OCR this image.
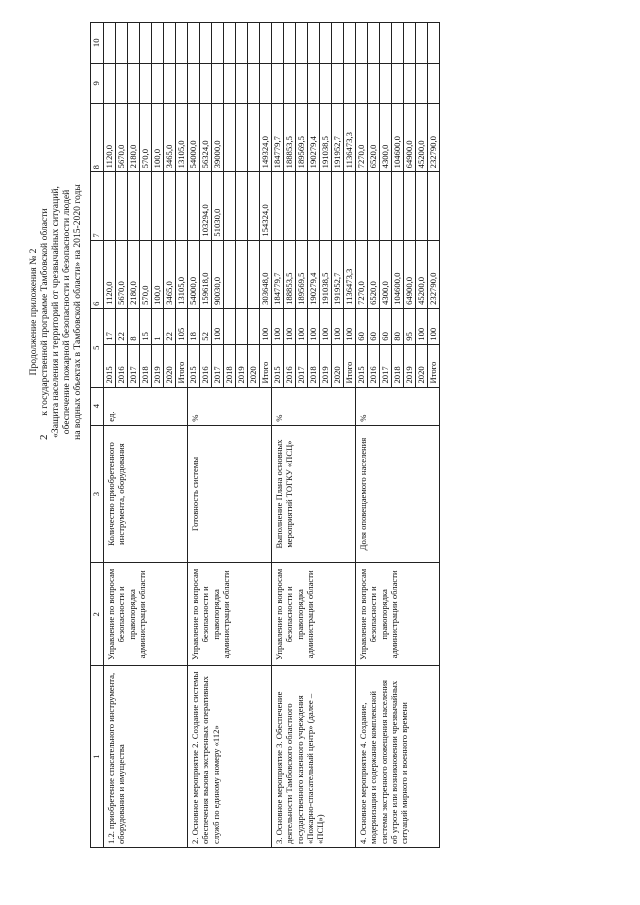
2
Продолжение приложения № 2 к государственной программе Тамбовской области «Защита населения и территорий от чрезвычайных ситуаций, обеспечение пожарной безопасности и безопасности людей на водных объектах в Тамбовской области» на 2015-2020 годы
1	2	3	4	5		6	7	8	9	10
1.2. приобретение спасательного инструмента, оборудования и имущества	Управление по вопросам безопасности и правопорядка администрации области	Количество приобретенного инструмента, оборудования	ед.	2015	17	1120,0		1120,0		
				2016	22	5670,0		5670,0		
				2017	8	2180,0		2180,0		
				2018	15	570,0		570,0		
				2019	1	100,0		100,0		
				2020	22	3465,0		3465,0		
				Итого	105	13105,0		13105,0		
2. Основное мероприятие 2. Создание системы обеспечения вызова экстренных оперативных служб по единому номеру «112»	Управление по вопросам безопасности и правопорядка администрации области	Готовность системы	%	2015	18	54000,0		54000,0		
				2016	52	159618,0	103294,0	56324,0		
				2017	100	90030,0	51030,0	39000,0		
				2018						
				2019						
				2020						
				Итого	100	303648,0	154324,0	149324,0		
3. Основное мероприятие 3. Обеспечение деятельности Тамбовского областного государственного казенного учреждения «Пожарно-спасательный центр» (далее – «ПСЦ»)	Управление по вопросам безопасности и правопорядка администрации области	Выполнение Плана основных мероприятий ТОГКУ «ПСЦ»	%	2015	100	184779,7		184779,7		
				2016	100	188853,5		188853,5		
				2017	100	189569,5		189569,5		
				2018	100	190279,4		190279,4		
				2019	100	191038,5		191038,5		
				2020	100	191952,7		191952,7		
				Итого	100	1136473,3		1136473,3		
4. Основное мероприятие 4. Создание, модернизация и содержание комплексной системы экстренного оповещения населения об угрозе или возникновении чрезвычайных ситуаций мирного и военного времени	Управление по вопросам безопасности и правопорядка администрации области	Доля оповещаемого населения	%	2015	60	7270,0		7270,0		
				2016	60	6520,0		6520,0		
				2017	60	4300,0		4300,0		
				2018	80	104600,0		104600,0		
				2019	95	64900,0		64900,0		
				2020	100	45200,0		45200,0		
				Итого	100	232790,0		232790,0		
